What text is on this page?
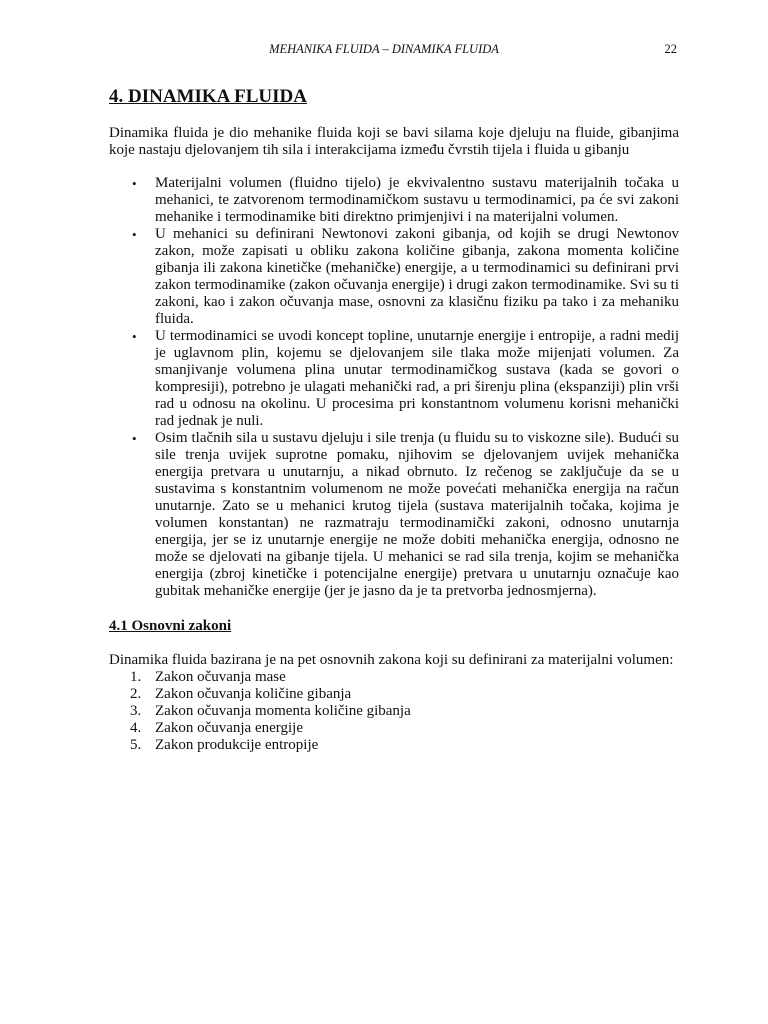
MEHANIKA FLUIDA – DINAMIKA FLUIDA	22
4. DINAMIKA FLUIDA

Dinamika fluida je dio mehanike fluida koji se bavi silama koje djeluju na fluide, gibanjima koje nastaju djelovanjem tih sila i interakcijama između čvrstih tijela i fluida u gibanju

• Materijalni volumen (fluidno tijelo) je ekvivalentno sustavu materijalnih točaka u mehanici, te zatvorenom termodinamičkom sustavu u termodinamici, pa će svi zakoni mehanike i termodinamike biti direktno primjenjivi i na materijalni volumen.
• U mehanici su definirani Newtonovi zakoni gibanja, od kojih se drugi Newtonov zakon, može zapisati u obliku zakona količine gibanja, zakona momenta količine gibanja ili zakona kinetičke (mehaničke) energije, a u termodinamici su definirani prvi zakon termodinamike (zakon očuvanja energije) i drugi zakon termodinamike. Svi su ti zakoni, kao i zakon očuvanja mase, osnovni za klasičnu fiziku pa tako i za mehaniku fluida.
• U termodinamici se uvodi koncept topline, unutarnje energije i entropije, a radni medij je uglavnom plin, kojemu se djelovanjem sile tlaka može mijenjati volumen. Za smanjivanje volumena plina unutar termodinamičkog sustava (kada se govori o kompresiji), potrebno je ulagati mehanički rad, a pri širenju plina (ekspanziji) plin vrši rad u odnosu na okolinu. U procesima pri konstantnom volumenu korisni mehanički rad jednak je nuli.
• Osim tlačnih sila u sustavu djeluju i sile trenja (u fluidu su to viskozne sile). Budući su sile trenja uvijek suprotne pomaku, njihovim se djelovanjem uvijek mehanička energija pretvara u unutarnju, a nikad obrnuto. Iz rečenog se zaključuje da se u sustavima s konstantnim volumenom ne može povećati mehanička energija na račun unutarnje. Zato se u mehanici krutog tijela (sustava materijalnih točaka, kojima je volumen konstantan) ne razmatraju termodinamički zakoni, odnosno unutarnja energija, jer se iz unutarnje energije ne može dobiti mehanička energija, odnosno ne može se djelovati na gibanje tijela. U mehanici se rad sila trenja, kojim se mehanička energija (zbroj kinetičke i potencijalne energije) pretvara u unutarnju označuje kao gubitak mehaničke energije (jer je jasno da je ta pretvorba jednosmjerna).
4.1 Osnovni zakoni

Dinamika fluida bazirana je na pet osnovnih zakona koji su definirani za materijalni volumen:

1. Zakon očuvanja mase
2. Zakon očuvanja količine gibanja
3. Zakon očuvanja momenta količine gibanja
4. Zakon očuvanja energije
5. Zakon produkcije entropije
